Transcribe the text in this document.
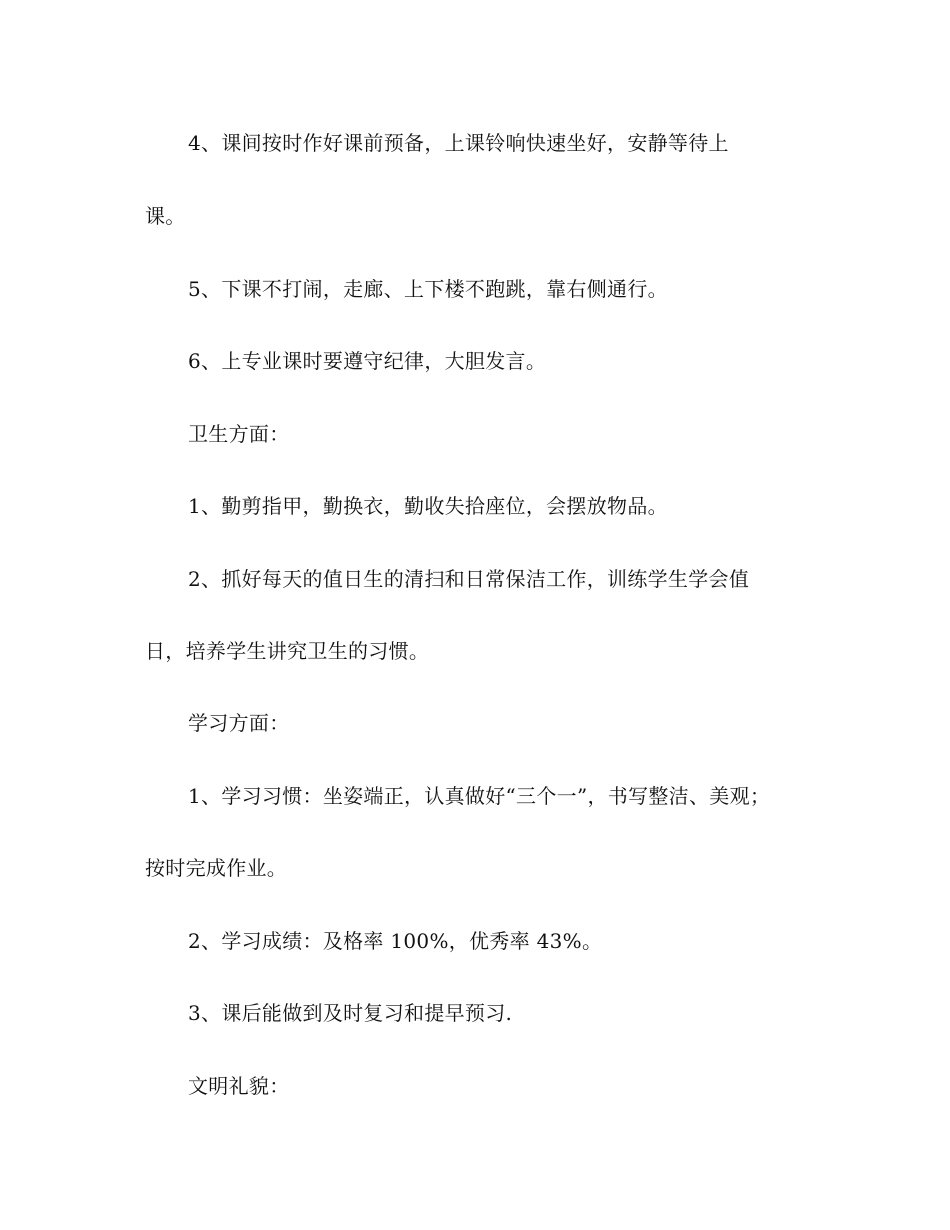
4、课间按时作好课前预备，上课铃响快速坐好，安静等待上
课。
5、下课不打闹，走廊、上下楼不跑跳，靠右侧通行。
6、上专业课时要遵守纪律，大胆发言。
卫生方面：
1、勤剪指甲，勤换衣，勤收失拾座位，会摆放物品。
2、抓好每天的值日生的清扫和日常保洁工作，训练学生学会值
日，培养学生讲究卫生的习惯。
学习方面：
1、学习习惯：坐姿端正，认真做好“三个一”，书写整洁、美观；
按时完成作业。
2、学习成绩：及格率 100%，优秀率 43%。
3、课后能做到及时复习和提早预习.
文明礼貌：
